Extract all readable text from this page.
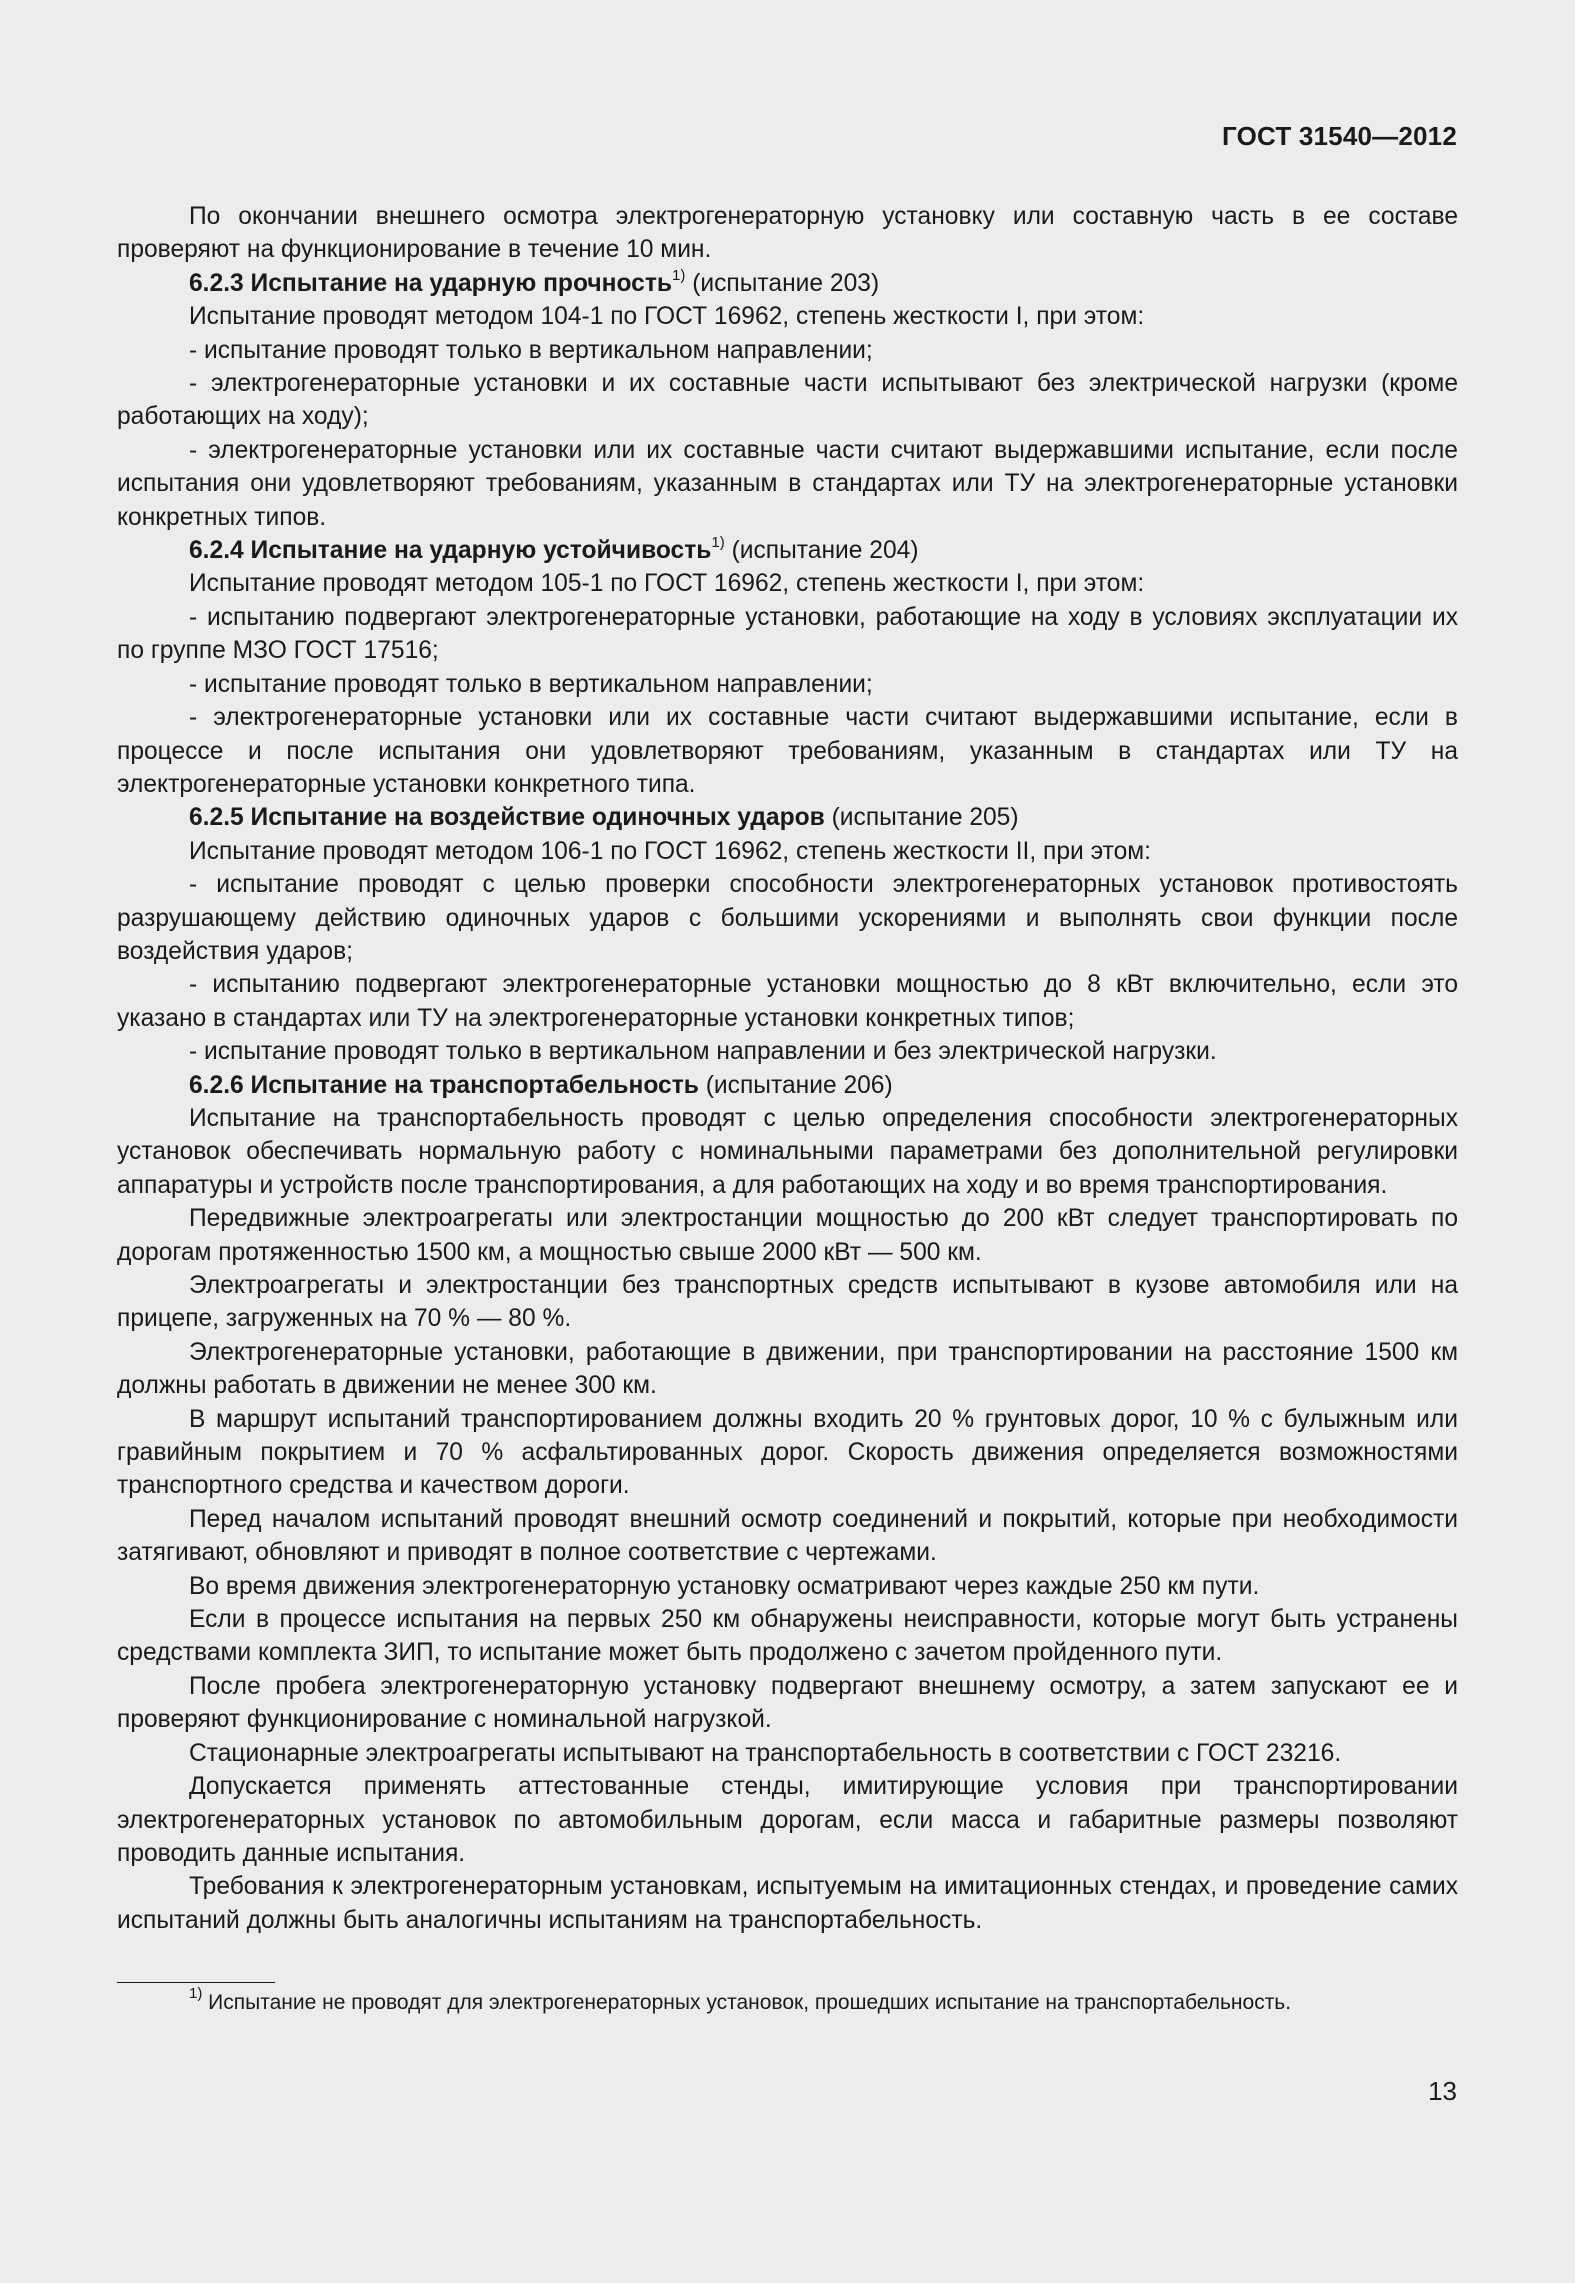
ГОСТ 31540—2012

По окончании внешнего осмотра электрогенераторную установку или составную часть в ее составе проверяют на функционирование в течение 10 мин.

6.2.3 Испытание на ударную прочность$^{1)}$ (испытание 203)

Испытание проводят методом 104-1 по ГОСТ 16962, степень жесткости I, при этом:

- испытание проводят только в вертикальном направлении;

- электрогенераторные установки и их составные части испытывают без электрической нагрузки (кроме работающих на ходу);

- электрогенераторные установки или их составные части считают выдержавшими испытание, если после испытания они удовлетворяют требованиям, указанным в стандартах или ТУ на электрогенераторные установки конкретных типов.

6.2.4 Испытание на ударную устойчивость$^{1)}$ (испытание 204)

Испытание проводят методом 105-1 по ГОСТ 16962, степень жесткости I, при этом:

- испытанию подвергают электрогенераторные установки, работающие на ходу в условиях эксплуатации их по группе МЗО ГОСТ 17516;

- испытание проводят только в вертикальном направлении;

- электрогенераторные установки или их составные части считают выдержавшими испытание, если в процессе и после испытания они удовлетворяют требованиям, указанным в стандартах или ТУ на электрогенераторные установки конкретного типа.

6.2.5 Испытание на воздействие одиночных ударов (испытание 205)

Испытание проводят методом 106-1 по ГОСТ 16962, степень жесткости II, при этом:

- испытание проводят с целью проверки способности электрогенераторных установок противостоять разрушающему действию одиночных ударов с большими ускорениями и выполнять свои функции после воздействия ударов;

- испытанию подвергают электрогенераторные установки мощностью до 8 кВт включительно, если это указано в стандартах или ТУ на электрогенераторные установки конкретных типов;

- испытание проводят только в вертикальном направлении и без электрической нагрузки.

6.2.6 Испытание на транспортабельность (испытание 206)

Испытание на транспортабельность проводят с целью определения способности электрогенераторных установок обеспечивать нормальную работу с номинальными параметрами без дополнительной регулировки аппаратуры и устройств после транспортирования, а для работающих на ходу и во время транспортирования.

Передвижные электроагрегаты или электростанции мощностью до 200 кВт следует транспортировать по дорогам протяженностью 1500 км, а мощностью свыше 2000 кВт — 500 км.

Электроагрегаты и электростанции без транспортных средств испытывают в кузове автомобиля или на прицепе, загруженных на 70 % — 80 %.

Электрогенераторные установки, работающие в движении, при транспортировании на расстояние 1500 км должны работать в движении не менее 300 км.

В маршрут испытаний транспортированием должны входить 20 % грунтовых дорог, 10 % с булыжным или гравийным покрытием и 70 % асфальтированных дорог. Скорость движения определяется возможностями транспортного средства и качеством дороги.

Перед началом испытаний проводят внешний осмотр соединений и покрытий, которые при необходимости затягивают, обновляют и приводят в полное соответствие с чертежами.

Во время движения электрогенераторную установку осматривают через каждые 250 км пути.

Если в процессе испытания на первых 250 км обнаружены неисправности, которые могут быть устранены средствами комплекта ЗИП, то испытание может быть продолжено с зачетом пройденного пути.

После пробега электрогенераторную установку подвергают внешнему осмотру, а затем запускают ее и проверяют функционирование с номинальной нагрузкой.

Стационарные электроагрегаты испытывают на транспортабельность в соответствии с ГОСТ 23216.

Допускается применять аттестованные стенды, имитирующие условия при транспортировании электрогенераторных установок по автомобильным дорогам, если масса и габаритные размеры позволяют проводить данные испытания.

Требования к электрогенераторным установкам, испытуемым на имитационных стендах, и проведение самих испытаний должны быть аналогичны испытаниям на транспортабельность.

$^{1)}$ Испытание не проводят для электрогенераторных установок, прошедших испытание на транспортабельность.
13
